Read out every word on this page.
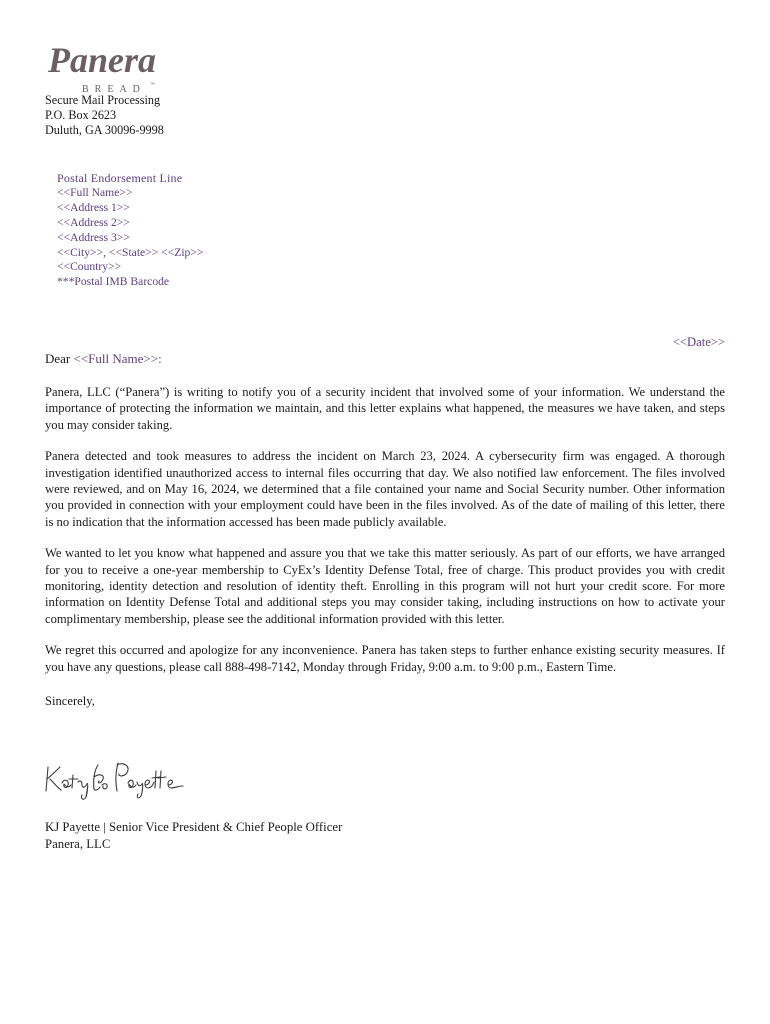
Panera
BREAD ™
Secure Mail Processing
P.O. Box 2623
Duluth, GA 30096-9998
Postal Endorsement Line
<<Full Name>>
<<Address 1>>
<<Address 2>>
<<Address 3>>
<<City>>, <<State>> <<Zip>>
<<Country>>
***Postal IMB Barcode
<<Date>>
Dear <<Full Name>>:

Panera, LLC (“Panera”) is writing to notify you of a security incident that involved some of your information. We understand the importance of protecting the information we maintain, and this letter explains what happened, the measures we have taken, and steps you may consider taking.

Panera detected and took measures to address the incident on March 23, 2024. A cybersecurity firm was engaged. A thorough investigation identified unauthorized access to internal files occurring that day. We also notified law enforcement. The files involved were reviewed, and on May 16, 2024, we determined that a file contained your name and Social Security number. Other information you provided in connection with your employment could have been in the files involved. As of the date of mailing of this letter, there is no indication that the information accessed has been made publicly available.

We wanted to let you know what happened and assure you that we take this matter seriously. As part of our efforts, we have arranged for you to receive a one-year membership to CyEx’s Identity Defense Total, free of charge. This product provides you with credit monitoring, identity detection and resolution of identity theft. Enrolling in this program will not hurt your credit score. For more information on Identity Defense Total and additional steps you may consider taking, including instructions on how to activate your complimentary membership, please see the additional information provided with this letter.

We regret this occurred and apologize for any inconvenience. Panera has taken steps to further enhance existing security measures. If you have any questions, please call 888-498-7142, Monday through Friday, 9:00 a.m. to 9:00 p.m., Eastern Time.

Sincerely,

KJ Payette | Senior Vice President & Chief People Officer
Panera, LLC
